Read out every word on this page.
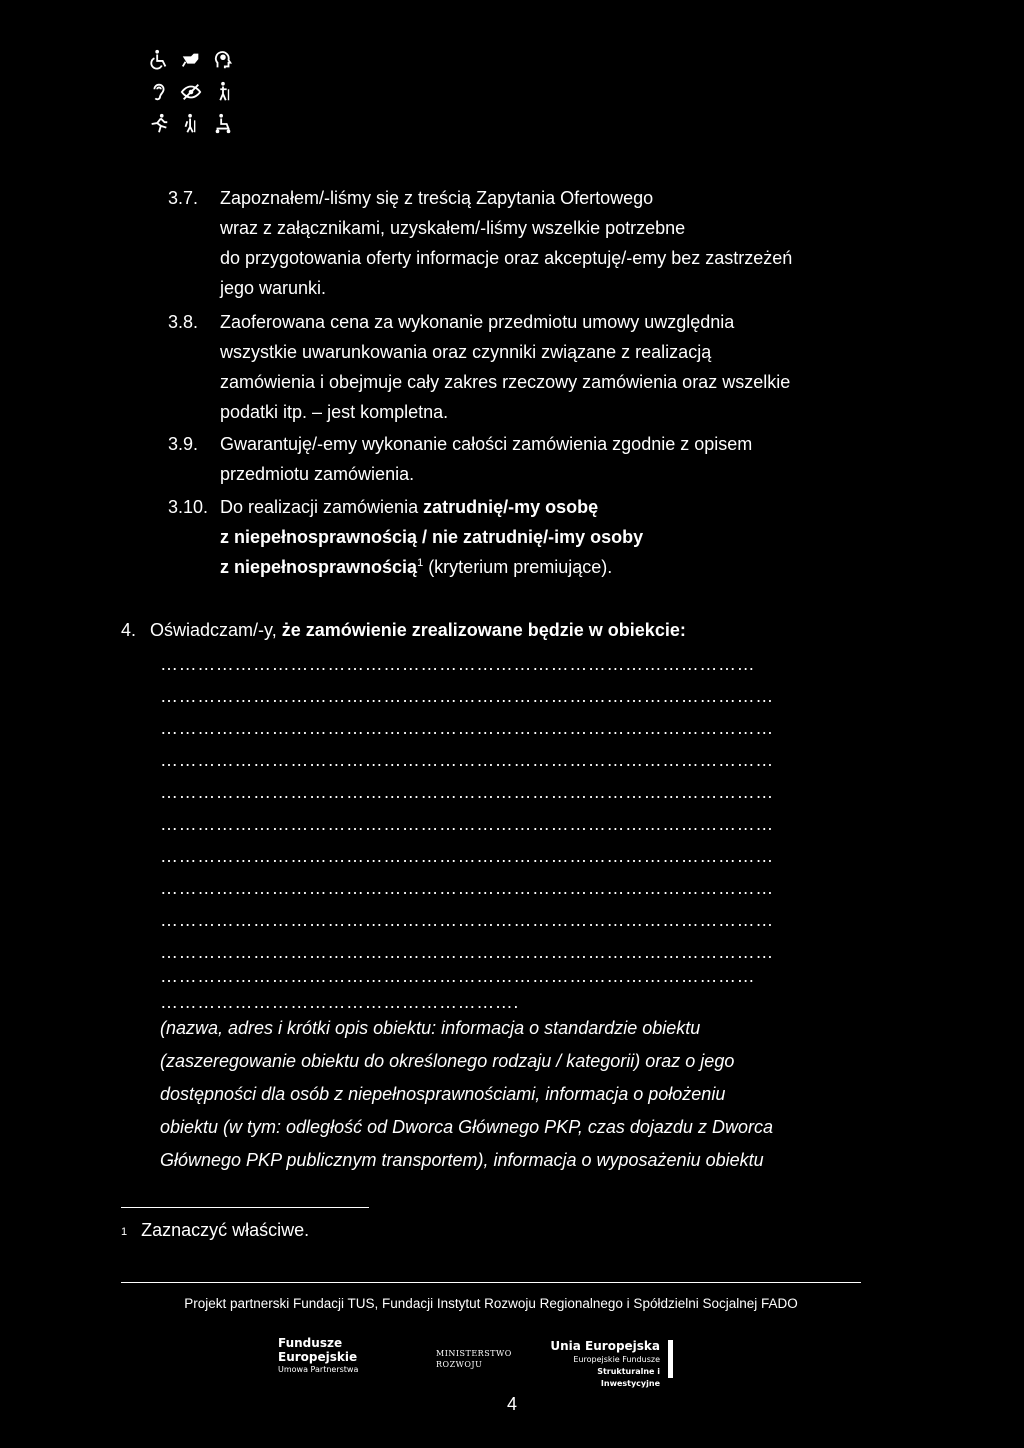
3.7. Zapoznałem/-liśmy się z treścią Zapytania Ofertowego
wraz z załącznikami, uzyskałem/-liśmy wszelkie potrzebne
do przygotowania oferty informacje oraz akceptuję/-emy bez zastrzeżeń
jego warunki.
3.8. Zaoferowana cena za wykonanie przedmiotu umowy uwzględnia
wszystkie uwarunkowania oraz czynniki związane z realizacją
zamówienia i obejmuje cały zakres rzeczowy zamówienia oraz wszelkie
podatki itp. – jest kompletna.
3.9. Gwarantuję/-emy wykonanie całości zamówienia zgodnie z opisem
przedmiotu zamówienia.
3.10. Do realizacji zamówienia zatrudnię/-my osobę
z niepełnosprawnością / nie zatrudnię/-imy osoby
z niepełnosprawnością$^1$ (kryterium premiujące).
4. Oświadczam/-y, że zamówienie zrealizowane będzie w obiekcie:
……………………………………………………………………………………
………………………………………………………………………………………
………………………………………………………………………………………
………………………………………………………………………………………
………………………………………………………………………………………
………………………………………………………………………………………
………………………………………………………………………………………
………………………………………………………………………………………
………………………………………………………………………………………
………………………………………………………………………………………
……………………………………………………………………………………
………………………………………………….
(nazwa, adres i krótki opis obiektu: informacja o standardzie obiektu
(zaszeregowanie obiektu do określonego rodzaju / kategorii) oraz o jego
dostępności dla osób z niepełnosprawnościami, informacja o położeniu
obiektu (w tym: odległość od Dworca Głównego PKP, czas dojazdu z Dworca
Głównego PKP publicznym transportem), informacja o wyposażeniu obiektu
$^1$ Zaznaczyć właściwe.
Projekt partnerski Fundacji TUS, Fundacji Instytut Rozwoju Regionalnego i Spółdzielni Socjalnej FADO
Fundusze
Europejskie
Umowa Partnerstwa
MINISTERSTWO
ROZWOJU
Unia Europejska
Europejskie Fundusze
Strukturalne i Inwestycyjne
4
